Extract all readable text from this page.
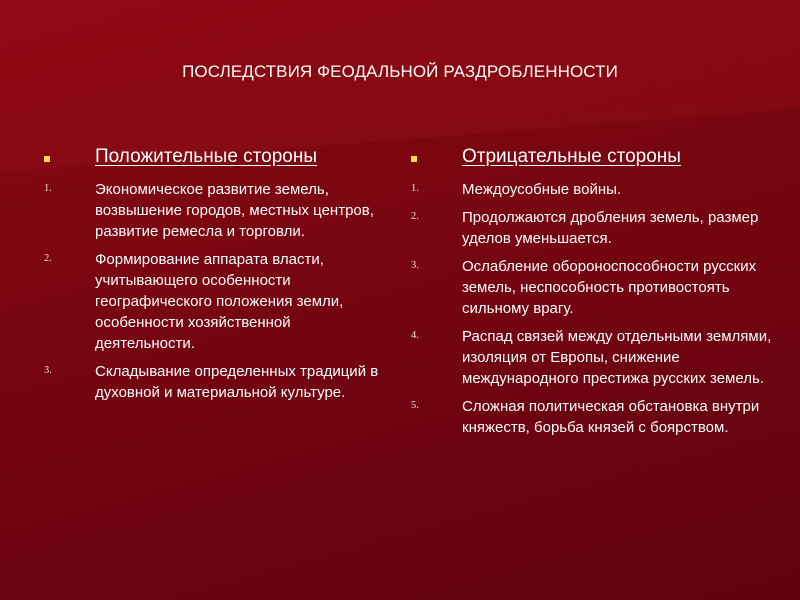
ПОСЛЕДСТВИЯ ФЕОДАЛЬНОЙ РАЗДРОБЛЕННОСТИ
Положительные стороны
1.	Экономическое развитие земель, возвышение городов, местных центров, развитие ремесла и торговли.
2.	Формирование аппарата власти, учитывающего особенности географического положения земли, особенности хозяйственной деятельности.
3.	Складывание определенных традиций в духовной и материальной культуре.
Отрицательные стороны
1.	Междоусобные войны.
2.	Продолжаются дробления земель, размер уделов уменьшается.
3.	Ослабление обороноспособности русских земель, неспособность противостоять сильному врагу.
4.	Распад связей между отдельными землями, изоляция от Европы, снижение международного престижа русских земель.
5.	Сложная политическая обстановка внутри княжеств, борьба князей с боярством.
